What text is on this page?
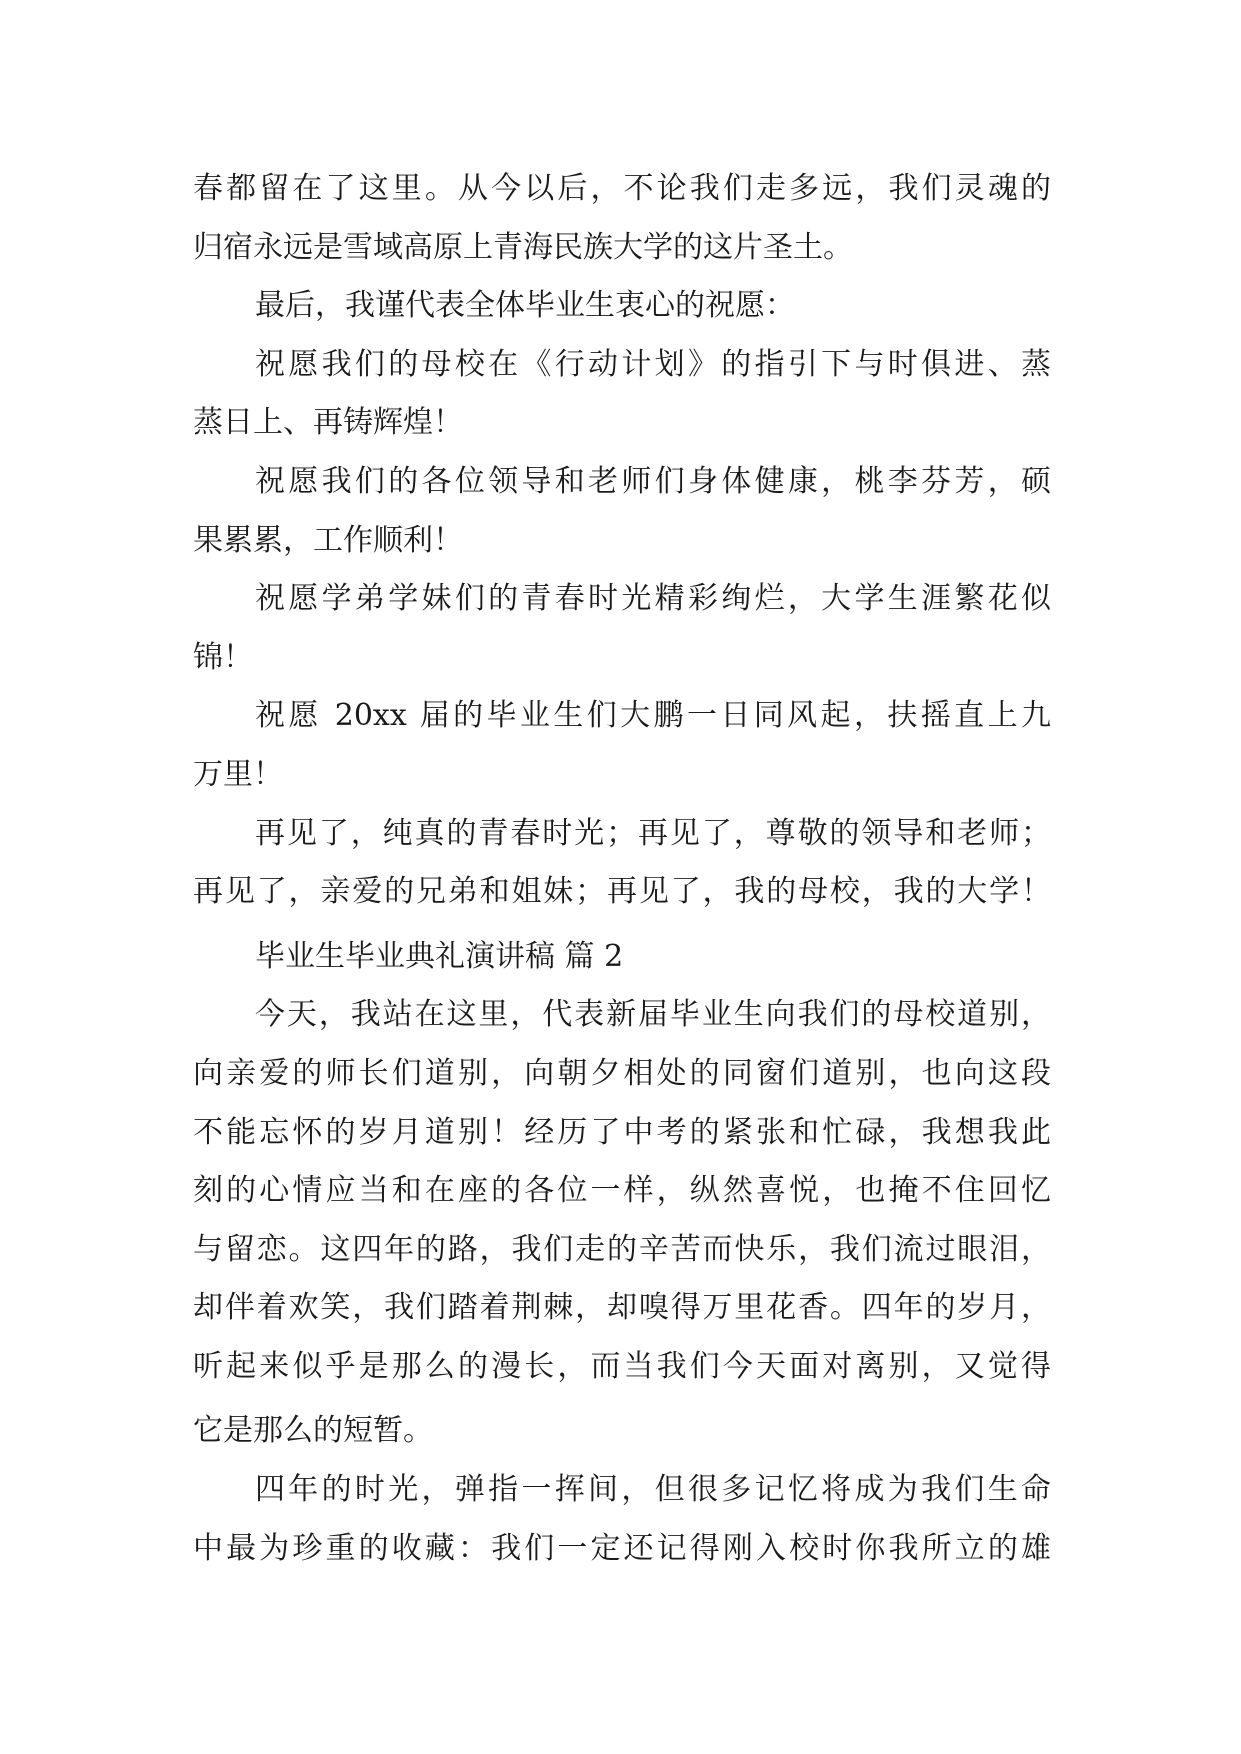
春都留在了这里。从今以后，不论我们走多远，我们灵魂的
归宿永远是雪域高原上青海民族大学的这片圣土。
最后，我谨代表全体毕业生衷心的祝愿：
祝愿我们的母校在《行动计划》的指引下与时俱进、蒸
蒸日上、再铸辉煌！
祝愿我们的各位领导和老师们身体健康，桃李芬芳，硕
果累累，工作顺利！
祝愿学弟学妹们的青春时光精彩绚烂，大学生涯繁花似
锦！
祝愿 20xx 届的毕业生们大鹏一日同风起，扶摇直上九
万里！
再见了，纯真的青春时光；再见了，尊敬的领导和老师；
再见了，亲爱的兄弟和姐妹；再见了，我的母校，我的大学！
毕业生毕业典礼演讲稿 篇 2
今天，我站在这里，代表新届毕业生向我们的母校道别，
向亲爱的师长们道别，向朝夕相处的同窗们道别，也向这段
不能忘怀的岁月道别！经历了中考的紧张和忙碌，我想我此
刻的心情应当和在座的各位一样，纵然喜悦，也掩不住回忆
与留恋。这四年的路，我们走的辛苦而快乐，我们流过眼泪，
却伴着欢笑，我们踏着荆棘，却嗅得万里花香。四年的岁月，
听起来似乎是那么的漫长，而当我们今天面对离别，又觉得
它是那么的短暂。
四年的时光，弹指一挥间，但很多记忆将成为我们生命
中最为珍重的收藏：我们一定还记得刚入校时你我所立的雄
